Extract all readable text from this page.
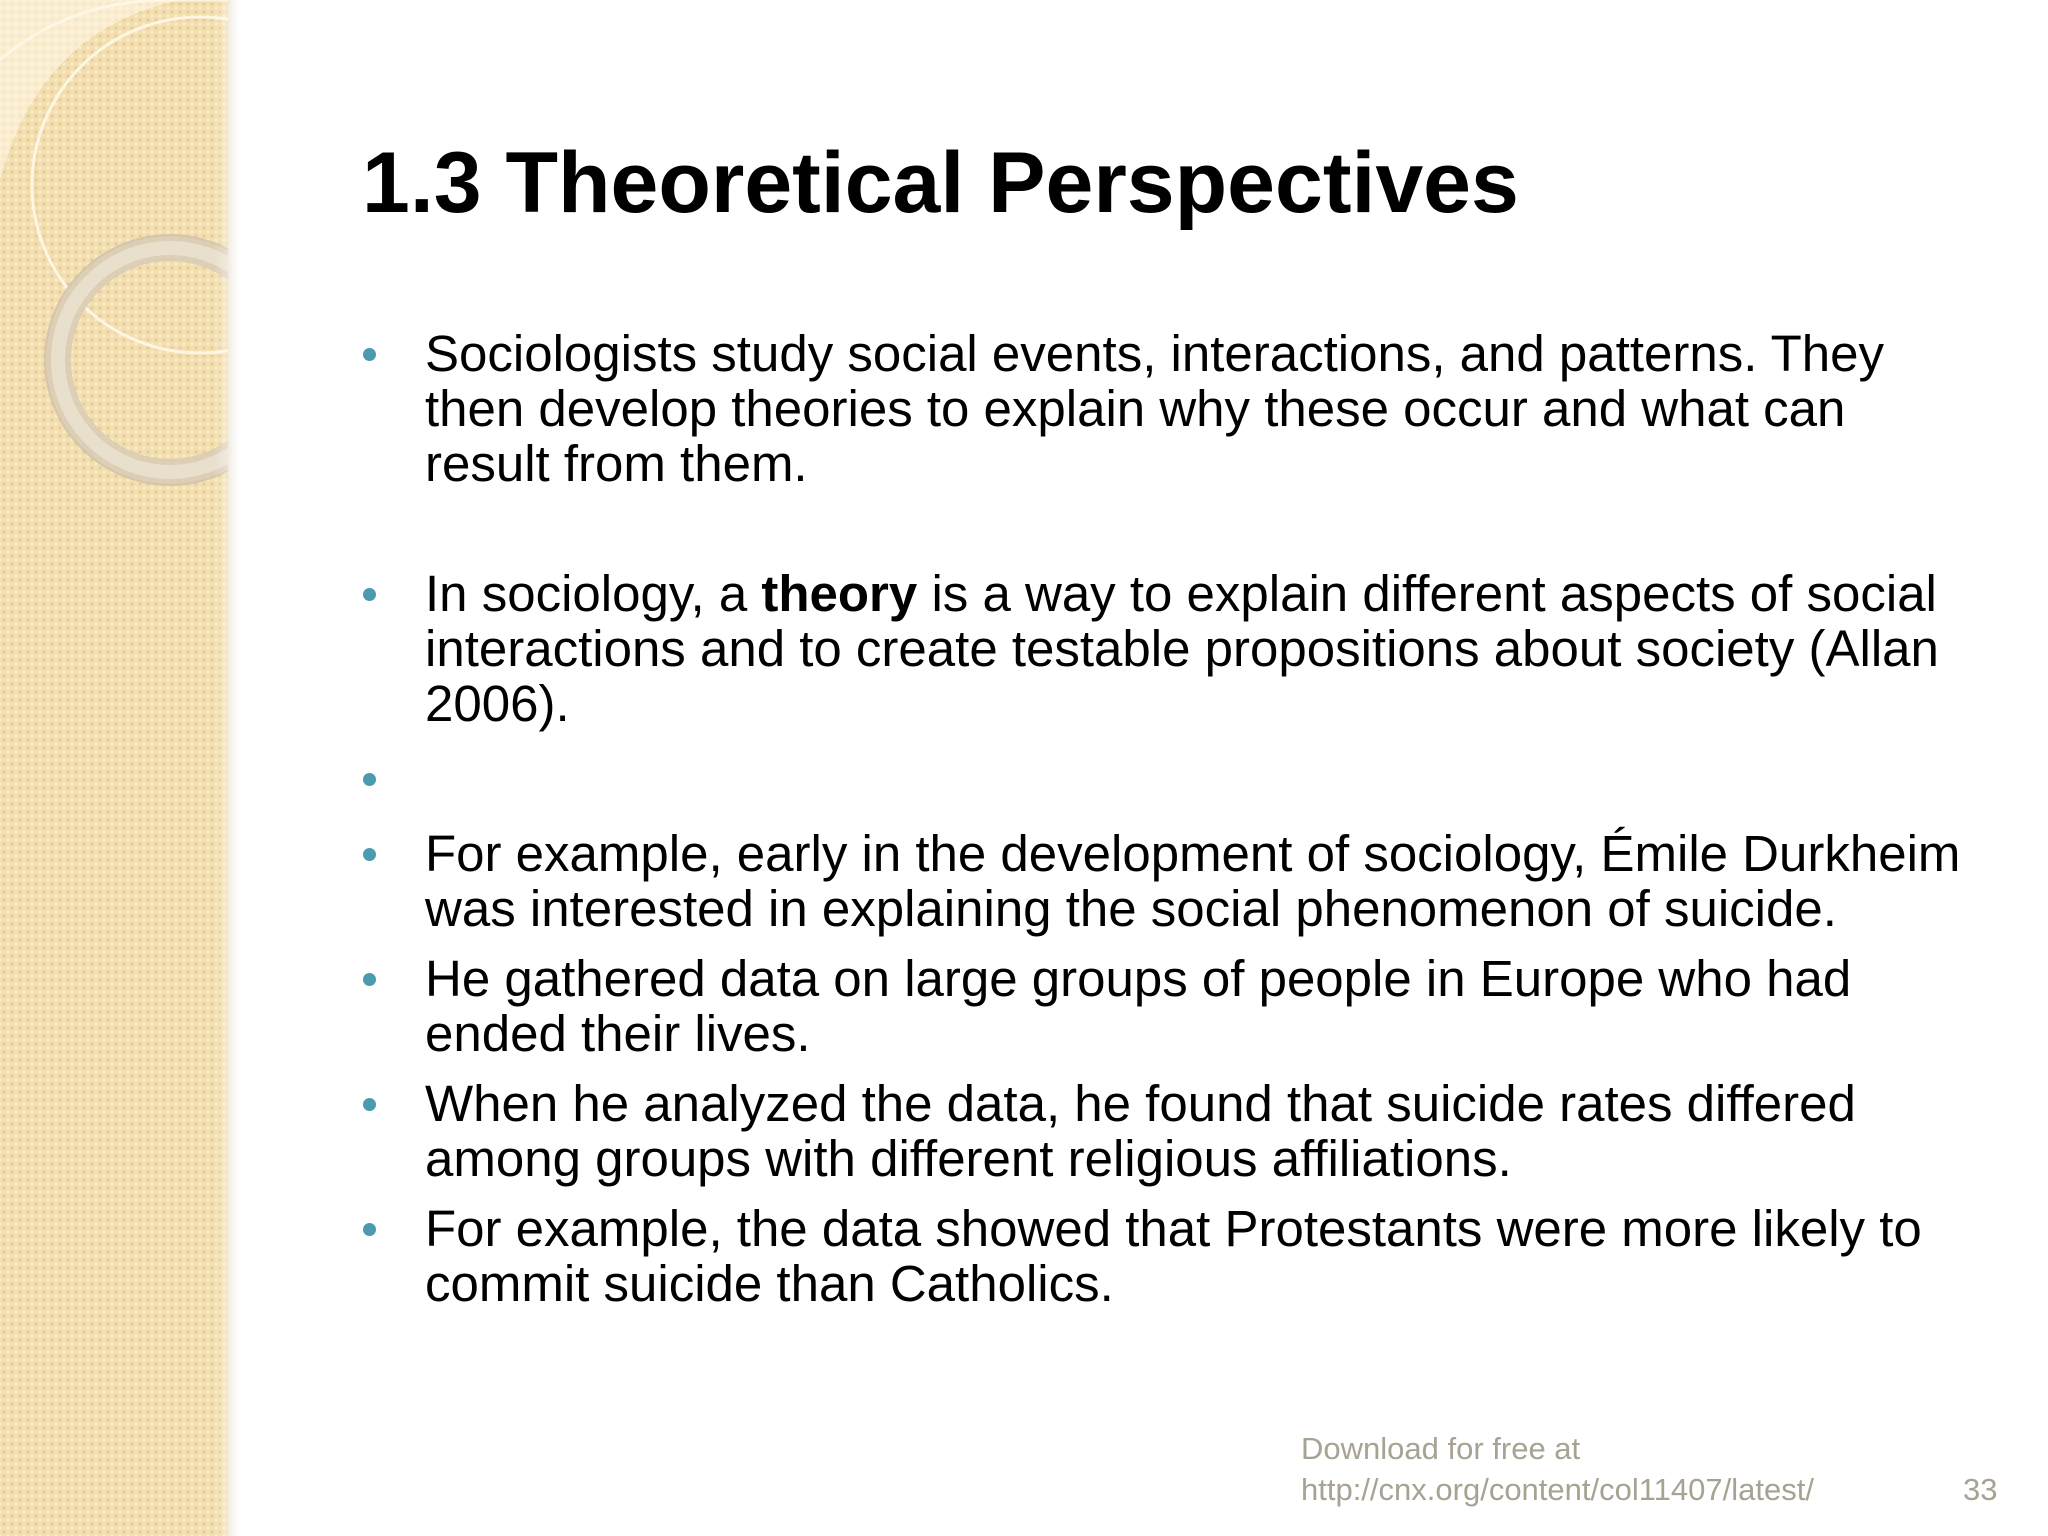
1.3 Theoretical Perspectives
Sociologists study social events, interactions, and patterns. They then develop theories to explain why these occur and what can result from them.
In sociology, a theory is a way to explain different aspects of social interactions and to create testable propositions about society (Allan 2006).
For example, early in the development of sociology, Émile Durkheim was interested in explaining the social phenomenon of suicide.
He gathered data on large groups of people in Europe who had ended their lives.
When he analyzed the data, he found that suicide rates differed among groups with different religious affiliations.
For example, the data showed that Protestants were more likely to commit suicide than Catholics.
Download for free at
http://cnx.org/content/col11407/latest/	33
